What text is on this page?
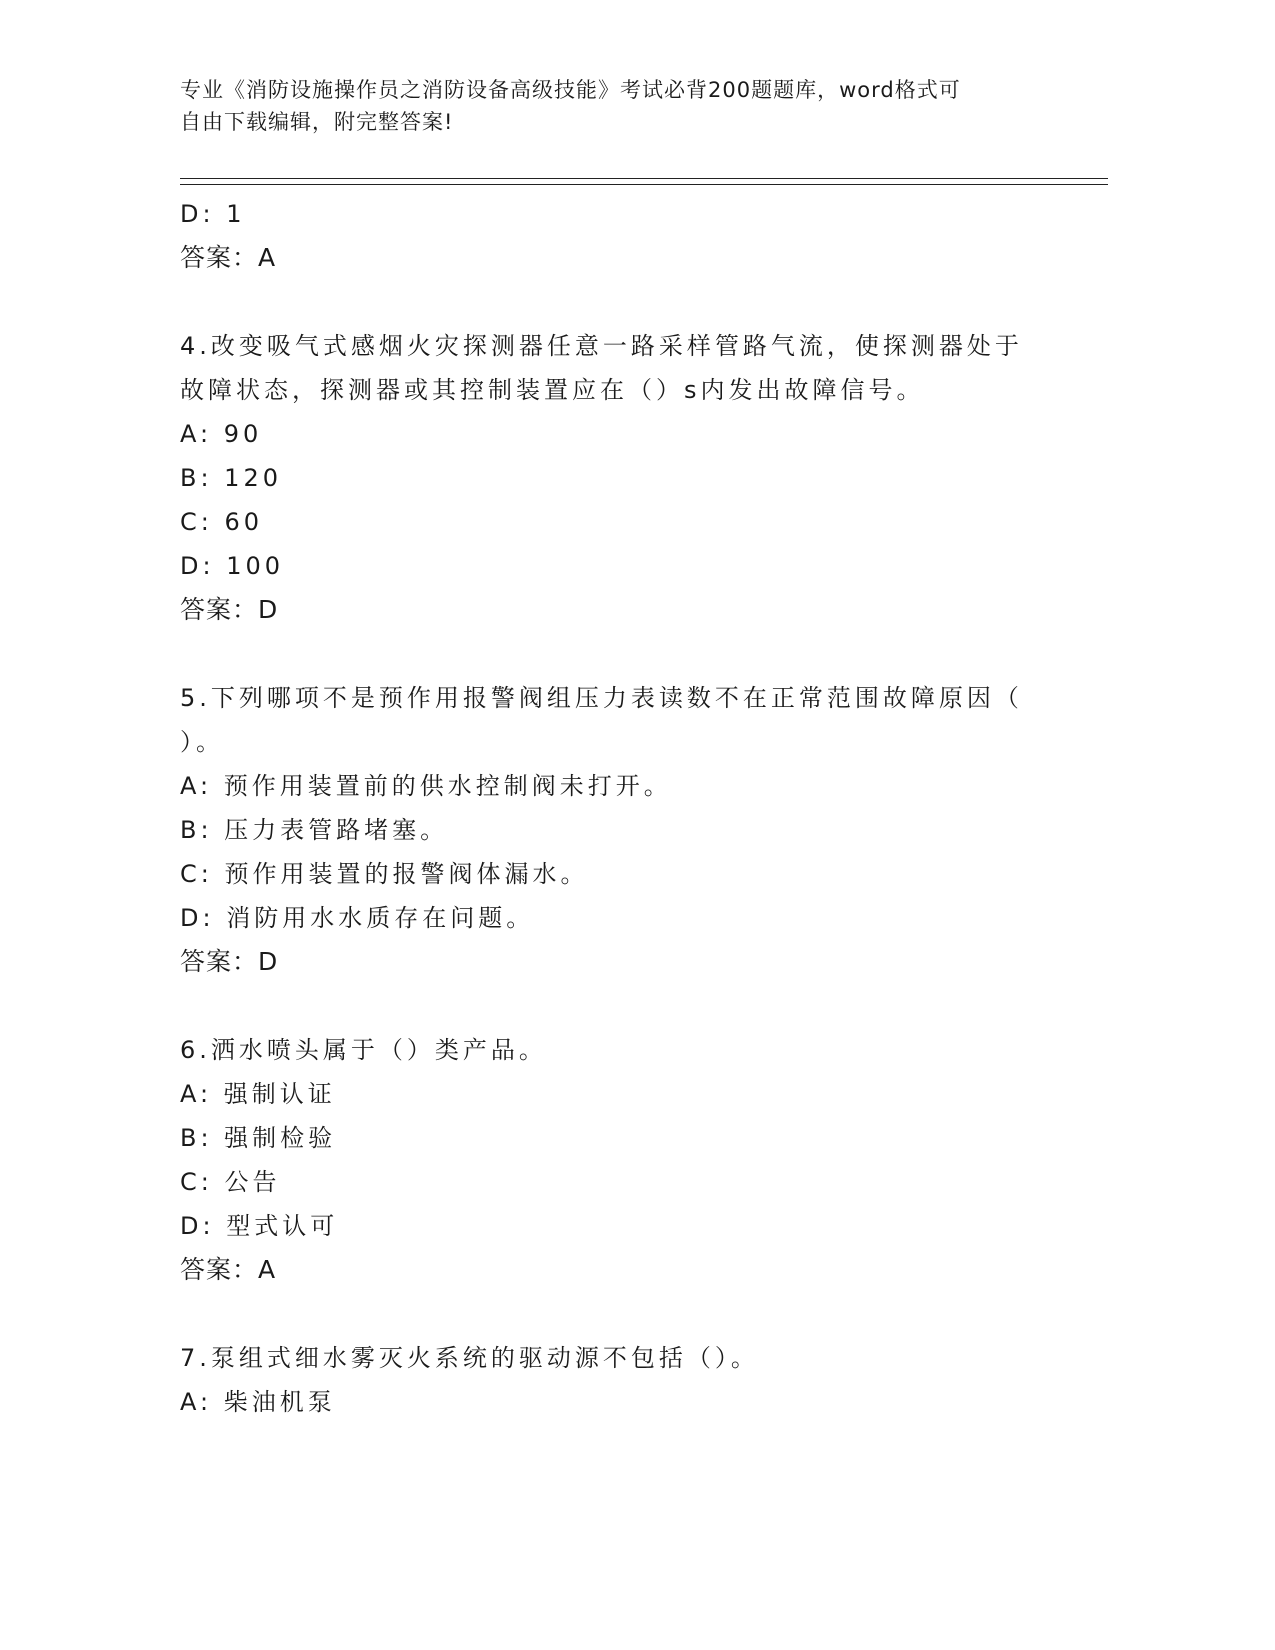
专业《消防设施操作员之消防设备高级技能》考试必背200题题库，word格式可
自由下载编辑，附完整答案!
D: 1
答案：A
4.改变吸气式感烟火灾探测器任意一路采样管路气流，使探测器处于
故障状态，探测器或其控制装置应在（）s内发出故障信号。
A: 90
B: 120
C: 60
D: 100
答案：D
5.下列哪项不是预作用报警阀组压力表读数不在正常范围故障原因（
）。
A: 预作用装置前的供水控制阀未打开。
B: 压力表管路堵塞。
C: 预作用装置的报警阀体漏水。
D: 消防用水水质存在问题。
答案：D
6.洒水喷头属于（）类产品。
A: 强制认证
B: 强制检验
C: 公告
D: 型式认可
答案：A
7.泵组式细水雾灭火系统的驱动源不包括（）。
A: 柴油机泵
